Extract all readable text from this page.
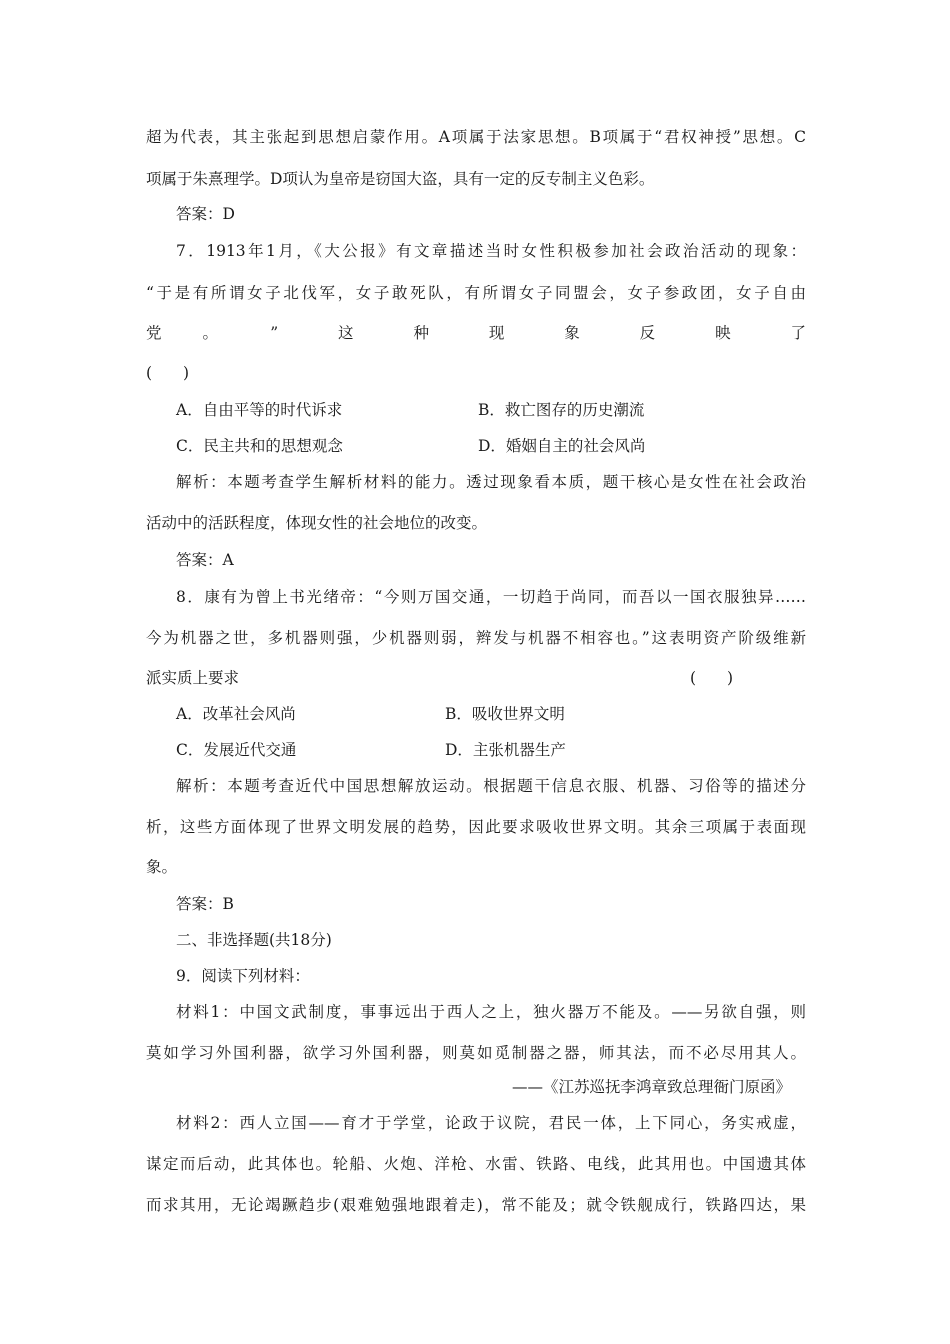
超为代表，其主张起到思想启蒙作用。A项属于法家思想。B项属于“君权神授”思想。C
项属于朱熹理学。D项认为皇帝是窃国大盗，具有一定的反专制主义色彩。
答案：D
7．1913年1月，《大公报》有文章描述当时女性积极参加社会政治活动的现象：
“于是有所谓女子北伐军，女子敢死队，有所谓女子同盟会，女子参政团，女子自由
党　　。　　　”　　　这　　　种　　　现　　　象　　　反　　　映　　　了
(　　)
A．自由平等的时代诉求	B．救亡图存的历史潮流
C．民主共和的思想观念	D．婚姻自主的社会风尚
解析：本题考查学生解析材料的能力。透过现象看本质，题干核心是女性在社会政治
活动中的活跃程度，体现女性的社会地位的改变。
答案：A
8．康有为曾上书光绪帝：“今则万国交通，一切趋于尚同，而吾以一国衣服独异……
今为机器之世，多机器则强，少机器则弱，辫发与机器不相容也。”这表明资产阶级维新
派实质上要求	(　　)
A．改革社会风尚	B．吸收世界文明
C．发展近代交通	D．主张机器生产
解析：本题考查近代中国思想解放运动。根据题干信息衣服、机器、习俗等的描述分
析，这些方面体现了世界文明发展的趋势，因此要求吸收世界文明。其余三项属于表面现
象。
答案：B
二、非选择题(共18分)
9．阅读下列材料：
材料1：中国文武制度，事事远出于西人之上，独火器万不能及。——另欲自强，则
莫如学习外国利器，欲学习外国利器，则莫如觅制器之器，师其法，而不必尽用其人。
——《江苏巡抚李鸿章致总理衙门原函》
材料2：西人立国——育才于学堂，论政于议院，君民一体，上下同心，务实戒虚，
谋定而后动，此其体也。轮船、火炮、洋枪、水雷、铁路、电线，此其用也。中国遗其体
而求其用，无论竭蹶趋步(艰难勉强地跟着走)，常不能及；就令铁舰成行，铁路四达，果
